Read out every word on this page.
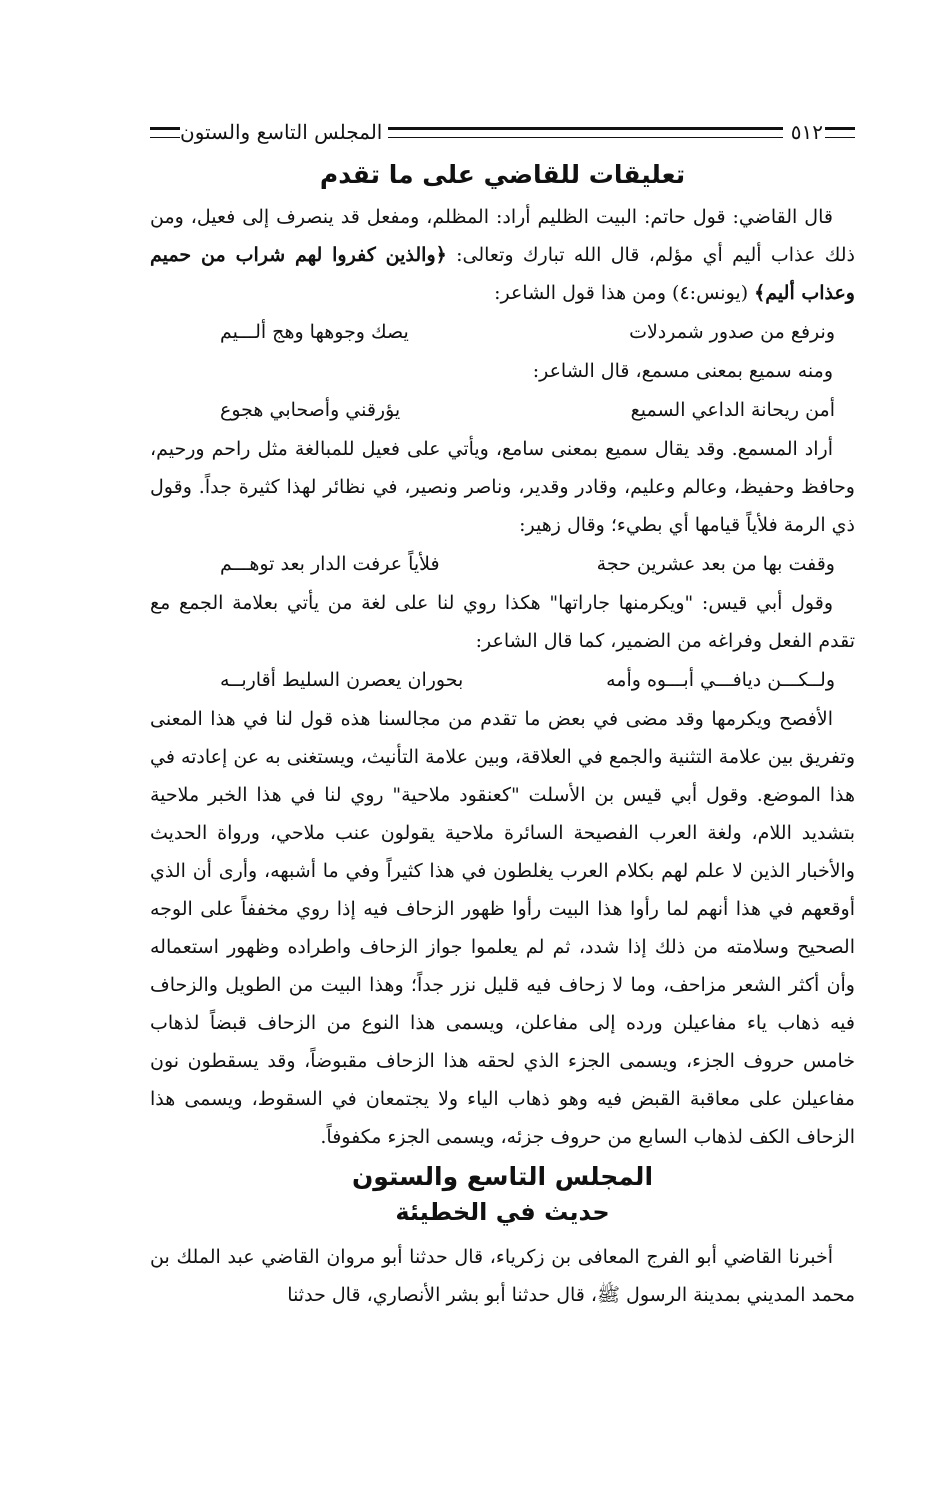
٥١٢
المجلس التاسع والستون
تعليقات للقاضي على ما تقدم

قال القاضي: قول حاتم: البيت الظليم أراد: المظلم، ومفعل قد ينصرف إلى فعيل، ومن ذلك عذاب أليم أي مؤلم، قال الله تبارك وتعالى: ﴿والذين كفروا لهم شراب من حميم وعذاب أليم﴾ (يونس:٤) ومن هذا قول الشاعر:

ونرفع من صدور شمردلات
يصك وجوهها وهج ألـــيم

ومنه سميع بمعنى مسمع، قال الشاعر:

أمن ريحانة الداعي السميع
يؤرقني وأصحابي هجوع

أراد المسمع. وقد يقال سميع بمعنى سامع، ويأتي على فعيل للمبالغة مثل راحم ورحيم، وحافظ وحفيظ، وعالم وعليم، وقادر وقدير، وناصر ونصير، في نظائر لهذا كثيرة جداً. وقول ذي الرمة فلأياً قيامها أي بطيء؛ وقال زهير:

وقفت بها من بعد عشرين حجة
فلأياً عرفت الدار بعد توهـــم

وقول أبي قيس: "ويكرمنها جاراتها" هكذا روي لنا على لغة من يأتي بعلامة الجمع مع تقدم الفعل وفراغه من الضمير، كما قال الشاعر:

ولــكـــن ديافـــي أبـــوه وأمه
بحوران يعصرن السليط أقاربــه

الأفصح ويكرمها وقد مضى في بعض ما تقدم من مجالسنا هذه قول لنا في هذا المعنى وتفريق بين علامة التثنية والجمع في العلاقة، وبين علامة التأنيث، ويستغنى به عن إعادته في هذا الموضع. وقول أبي قيس بن الأسلت "كعنقود ملاحية" روي لنا في هذا الخبر ملاحية بتشديد اللام، ولغة العرب الفصيحة السائرة ملاحية يقولون عنب ملاحي، ورواة الحديث والأخبار الذين لا علم لهم بكلام العرب يغلطون في هذا كثيراً وفي ما أشبهه، وأرى أن الذي أوقعهم في هذا أنهم لما رأوا هذا البيت رأوا ظهور الزحاف فيه إذا روي مخففاً على الوجه الصحيح وسلامته من ذلك إذا شدد، ثم لم يعلموا جواز الزحاف واطراده وظهور استعماله وأن أكثر الشعر مزاحف، وما لا زحاف فيه قليل نزر جداً؛ وهذا البيت من الطويل والزحاف فيه ذهاب ياء مفاعيلن ورده إلى مفاعلن، ويسمى هذا النوع من الزحاف قبضاً لذهاب خامس حروف الجزء، ويسمى الجزء الذي لحقه هذا الزحاف مقبوضاً، وقد يسقطون نون مفاعيلن على معاقبة القبض فيه وهو ذهاب الياء ولا يجتمعان في السقوط، ويسمى هذا الزحاف الكف لذهاب السابع من حروف جزئه، ويسمى الجزء مكفوفاً.

المجلس التاسع والستون
حديث في الخطيئة

أخبرنا القاضي أبو الفرج المعافى بن زكرياء، قال حدثنا أبو مروان القاضي عبد الملك بن محمد المديني بمدينة الرسول ﷺ، قال حدثنا أبو بشر الأنصاري، قال حدثنا
